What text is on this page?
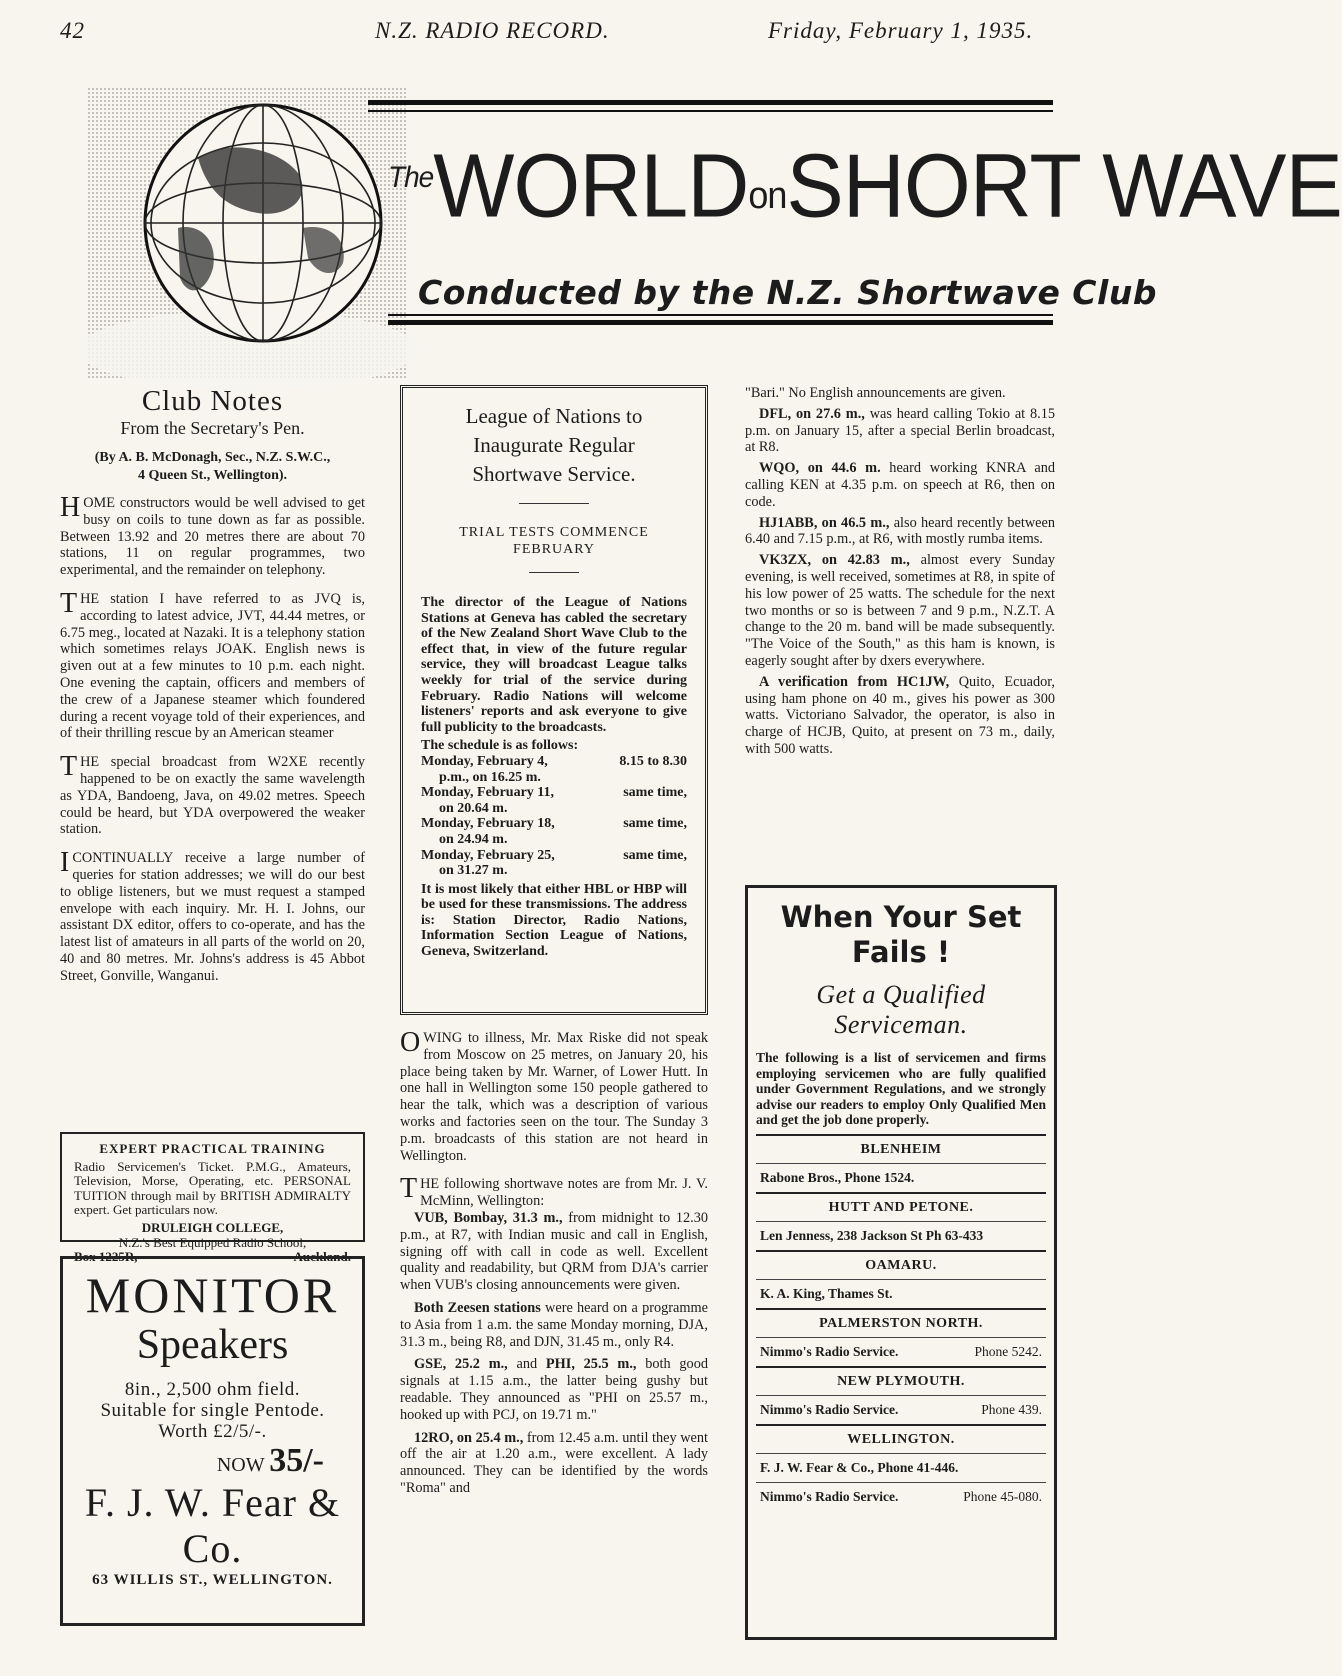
42	N.Z. RADIO RECORD.	Friday, February 1, 1935.
$^{The}$WORLDonSHORT WAVE
Conducted by the N.Z. Shortwave Club
Club Notes
From the Secretary's Pen.
(By A. B. McDonagh, Sec., N.Z. S.W.C.,
4 Queen St., Wellington).

HOME constructors would be well advised to get busy on coils to tune down as far as possible. Between 13.92 and 20 metres there are about 70 stations, 11 on regular programmes, two experimental, and the remainder on telephony.

THE station I have referred to as JVQ is, according to latest advice, JVT, 44.44 metres, or 6.75 meg., located at Nazaki. It is a telephony station which sometimes relays JOAK. English news is given out at a few minutes to 10 p.m. each night. One evening the captain, officers and members of the crew of a Japanese steamer which foundered during a recent voyage told of their experiences, and of their thrilling rescue by an American steamer

THE special broadcast from W2XE recently happened to be on exactly the same wavelength as YDA, Bandoeng, Java, on 49.02 metres. Speech could be heard, but YDA overpowered the weaker station.

ICONTINUALLY receive a large number of queries for station addresses; we will do our best to oblige listeners, but we must request a stamped envelope with each inquiry. Mr. H. I. Johns, our assistant DX editor, offers to co-operate, and has the latest list of amateurs in all parts of the world on 20, 40 and 80 metres. Mr. Johns's address is 45 Abbot Street, Gonville, Wanganui.

EXPERT PRACTICAL TRAINING
Radio Servicemen's Ticket. P.M.G., Amateurs, Television, Morse, Operating, etc. PERSONAL TUITION through mail by BRITISH ADMIRALTY expert. Get particulars now.
DRULEIGH COLLEGE,
N.Z.'s Best Equipped Radio School,
Box 1225R,	- -	Auckland.
MONITOR
Speakers
8in., 2,500 ohm field.
Suitable for single Pentode.
Worth £2/5/-.
NOW 35/-
F. J. W. Fear & Co.
63 WILLIS ST., WELLINGTON.
League of Nations to
Inaugurate Regular
Shortwave Service.
TRIAL TESTS COMMENCE
FEBRUARY
The director of the League of Nations Stations at Geneva has cabled the secretary of the New Zealand Short Wave Club to the effect that, in view of the future regular service, they will broadcast League talks weekly for trial of the service during February. Radio Nations will welcome listeners' reports and ask everyone to give full publicity to the broadcasts.
The schedule is as follows:
Monday, February 4,	8.15 to 8.30
p.m., on 16.25 m.
Monday, February 11,	same time,
on 20.64 m.
Monday, February 18,	same time,
on 24.94 m.
Monday, February 25,	same time,
on 31.27 m.
It is most likely that either HBL or HBP will be used for these transmissions. The address is: Station Director, Radio Nations, Information Section League of Nations, Geneva, Switzerland.

OWING to illness, Mr. Max Riske did not speak from Moscow on 25 metres, on January 20, his place being taken by Mr. Warner, of Lower Hutt. In one hall in Wellington some 150 people gathered to hear the talk, which was a description of various works and factories seen on the tour. The Sunday 3 p.m. broadcasts of this station are not heard in Wellington.

THE following shortwave notes are from Mr. J. V. McMinn, Wellington:

VUB, Bombay, 31.3 m., from midnight to 12.30 p.m., at R7, with Indian music and call in English, signing off with call in code as well. Excellent quality and readability, but QRM from DJA's carrier when VUB's closing announcements were given.

Both Zeesen stations were heard on a programme to Asia from 1 a.m. the same Monday morning, DJA, 31.3 m., being R8, and DJN, 31.45 m., only R4.

GSE, 25.2 m., and PHI, 25.5 m., both good signals at 1.15 a.m., the latter being gushy but readable. They announced as "PHI on 25.57 m., hooked up with PCJ, on 19.71 m."

12RO, on 25.4 m., from 12.45 a.m. until they went off the air at 1.20 a.m., were excellent. A lady announced. They can be identified by the words "Roma" and

"Bari." No English announcements are given.

DFL, on 27.6 m., was heard calling Tokio at 8.15 p.m. on January 15, after a special Berlin broadcast, at R8.

WQO, on 44.6 m. heard working KNRA and calling KEN at 4.35 p.m. on speech at R6, then on code.

HJ1ABB, on 46.5 m., also heard recently between 6.40 and 7.15 p.m., at R6, with mostly rumba items.

VK3ZX, on 42.83 m., almost every Sunday evening, is well received, sometimes at R8, in spite of his low power of 25 watts. The schedule for the next two months or so is between 7 and 9 p.m., N.Z.T. A change to the 20 m. band will be made subsequently. "The Voice of the South," as this ham is known, is eagerly sought after by dxers everywhere.

A verification from HC1JW, Quito, Ecuador, using ham phone on 40 m., gives his power as 300 watts. Victoriano Salvador, the operator, is also in charge of HCJB, Quito, at present on 73 m., daily, with 500 watts.

When Your Set
Fails !
Get a Qualified
Serviceman.
The following is a list of servicemen and firms employing servicemen who are fully qualified under Government Regulations, and we strongly advise our readers to employ Only Qualified Men and get the job done properly.
BLENHEIM
Rabone Bros., Phone 1524.
HUTT AND PETONE.
Len Jenness, 238 Jackson St Ph 63-433
OAMARU.
K. A. King, Thames St.
PALMERSTON NORTH.
Nimmo's Radio Service.	Phone 5242.
NEW PLYMOUTH.
Nimmo's Radio Service.	Phone 439.
WELLINGTON.
F. J. W. Fear & Co., Phone 41-446.
Nimmo's Radio Service.	Phone 45-080.
